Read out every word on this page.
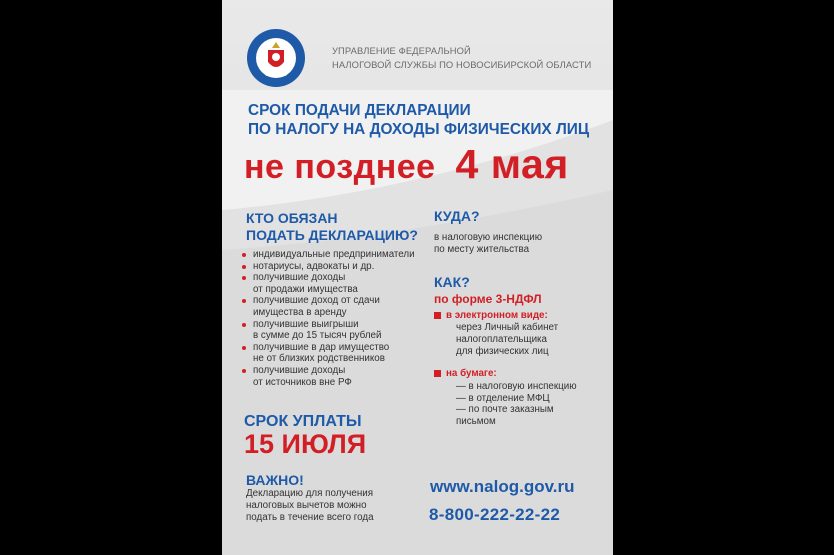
УПРАВЛЕНИЕ ФЕДЕРАЛЬНОЙ
НАЛОГОВОЙ СЛУЖБЫ ПО НОВОСИБИРСКОЙ ОБЛАСТИ
СРОК ПОДАЧИ ДЕКЛАРАЦИИ
ПО НАЛОГУ НА ДОХОДЫ ФИЗИЧЕСКИХ ЛИЦ
не позднее 4 мая
КТО ОБЯЗАН
ПОДАТЬ ДЕКЛАРАЦИЮ?
индивидуальные предприниматели
нотариусы, адвокаты и др.
получившие доходы
от продажи имущества
получившие доход от сдачи
имущества в аренду
получившие выигрыши
в сумме до 15 тысяч рублей
получившие в дар имущество
не от близких родственников
получившие доходы
от источников вне РФ
КУДА?
в налоговую инспекцию
по месту жительства
КАК?
по форме 3-НДФЛ
в электронном виде:
через Личный кабинет
налогоплательщика
для физических лиц
на бумаге:
— в налоговую инспекцию
— в отделение МФЦ
— по почте заказным
письмом
СРОК УПЛАТЫ
15 ИЮЛЯ
ВАЖНО!
Декларацию для получения
налоговых вычетов можно
подать в течение всего года
www.nalog.gov.ru
8-800-222-22-22
